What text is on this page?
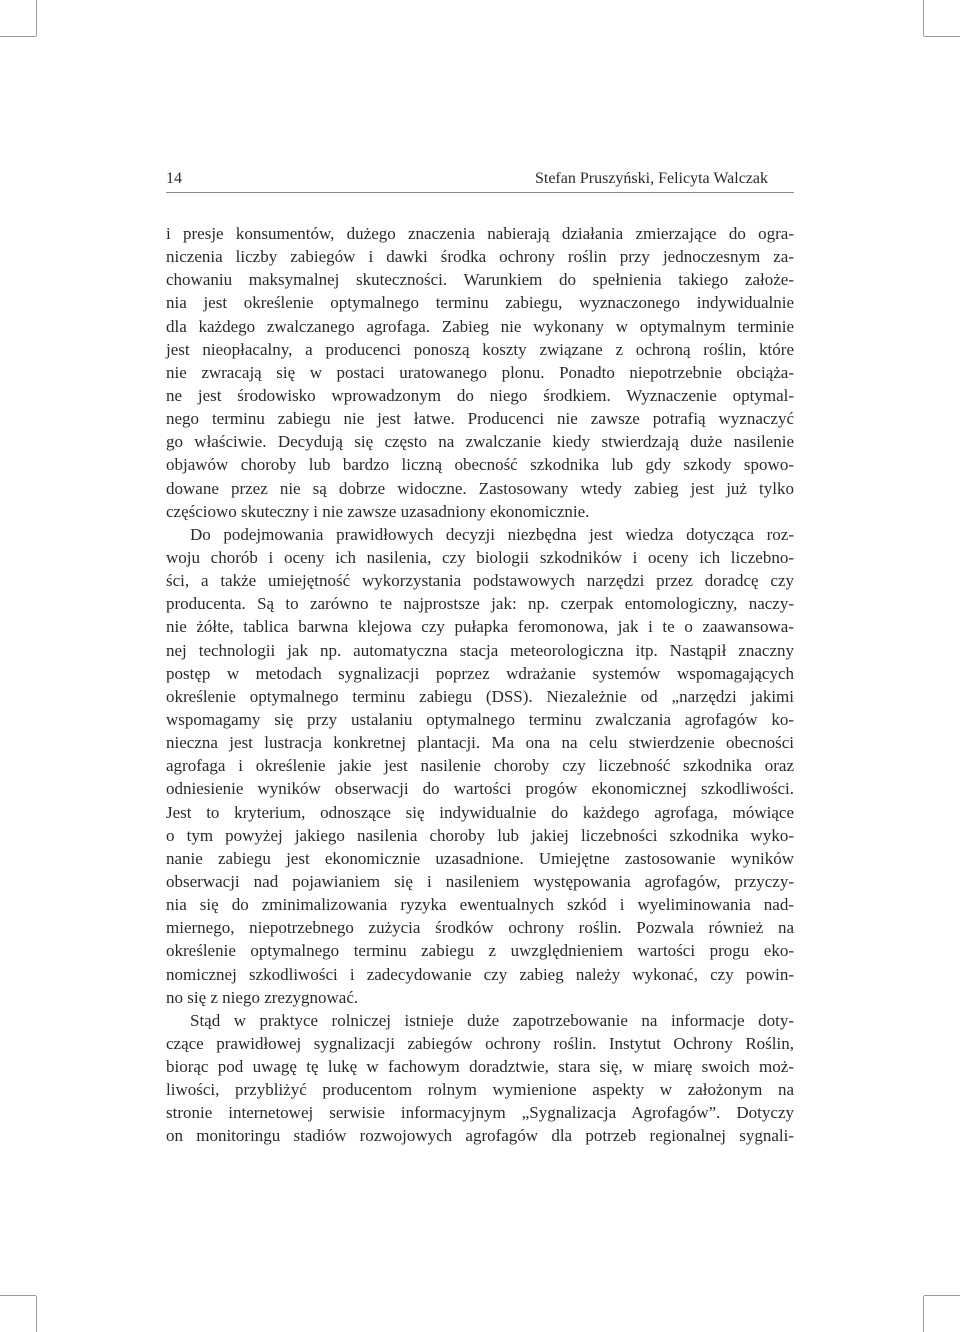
14	Stefan Pruszyński, Felicyta Walczak
i presje konsumentów, dużego znaczenia nabierają działania zmierzające do ogra-
niczenia liczby zabiegów i dawki środka ochrony roślin przy jednoczesnym za-
chowaniu maksymalnej skuteczności. Warunkiem do spełnienia takiego założe-
nia jest określenie optymalnego terminu zabiegu, wyznaczonego indywidualnie
dla każdego zwalczanego agrofaga. Zabieg nie wykonany w optymalnym terminie
jest nieopłacalny, a producenci ponoszą koszty związane z ochroną roślin, które
nie zwracają się w postaci uratowanego plonu. Ponadto niepotrzebnie obciąża-
ne jest środowisko wprowadzonym do niego środkiem. Wyznaczenie optymal-
nego terminu zabiegu nie jest łatwe. Producenci nie zawsze potrafią wyznaczyć
go właściwie. Decydują się często na zwalczanie kiedy stwierdzają duże nasilenie
objawów choroby lub bardzo liczną obecność szkodnika lub gdy szkody spowo-
dowane przez nie są dobrze widoczne. Zastosowany wtedy zabieg jest już tylko
częściowo skuteczny i nie zawsze uzasadniony ekonomicznie.
Do podejmowania prawidłowych decyzji niezbędna jest wiedza dotycząca roz-
woju chorób i oceny ich nasilenia, czy biologii szkodników i oceny ich liczebno-
ści, a także umiejętność wykorzystania podstawowych narzędzi przez doradcę czy
producenta. Są to zarówno te najprostsze jak: np. czerpak entomologiczny, naczy-
nie żółte, tablica barwna klejowa czy pułapka feromonowa, jak i te o zaawansowa-
nej technologii jak np. automatyczna stacja meteorologiczna itp. Nastąpił znaczny
postęp w metodach sygnalizacji poprzez wdrażanie systemów wspomagających
określenie optymalnego terminu zabiegu (DSS). Niezależnie od „narzędzi jakimi
wspomagamy się przy ustalaniu optymalnego terminu zwalczania agrofagów ko-
nieczna jest lustracja konkretnej plantacji. Ma ona na celu stwierdzenie obecności
agrofaga i określenie jakie jest nasilenie choroby czy liczebność szkodnika oraz
odniesienie wyników obserwacji do wartości progów ekonomicznej szkodliwości.
Jest to kryterium, odnoszące się indywidualnie do każdego agrofaga, mówiące
o tym powyżej jakiego nasilenia choroby lub jakiej liczebności szkodnika wyko-
nanie zabiegu jest ekonomicznie uzasadnione. Umiejętne zastosowanie wyników
obserwacji nad pojawianiem się i nasileniem występowania agrofagów, przyczy-
nia się do zminimalizowania ryzyka ewentualnych szkód i wyeliminowania nad-
miernego, niepotrzebnego zużycia środków ochrony roślin. Pozwala również na
określenie optymalnego terminu zabiegu z uwzględnieniem wartości progu eko-
nomicznej szkodliwości i zadecydowanie czy zabieg należy wykonać, czy powin-
no się z niego zrezygnować.
Stąd w praktyce rolniczej istnieje duże zapotrzebowanie na informacje doty-
czące prawidłowej sygnalizacji zabiegów ochrony roślin. Instytut Ochrony Roślin,
biorąc pod uwagę tę lukę w fachowym doradztwie, stara się, w miarę swoich moż-
liwości, przybliżyć producentom rolnym wymienione aspekty w założonym na
stronie internetowej serwisie informacyjnym „Sygnalizacja Agrofagów”. Dotyczy
on monitoringu stadiów rozwojowych agrofagów dla potrzeb regionalnej sygnali-
